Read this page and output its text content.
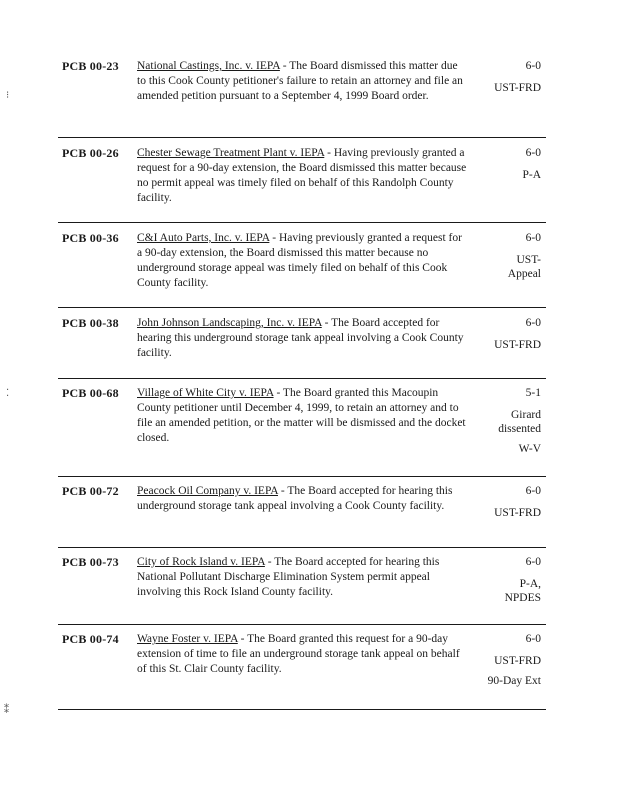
PCB 00-23 National Castings, Inc. v. IEPA - The Board dismissed this matter due to this Cook County petitioner's failure to retain an attorney and file an amended petition pursuant to a September 4, 1999 Board order.
6-0
UST-FRD
PCB 00-26 Chester Sewage Treatment Plant v. IEPA - Having previously granted a request for a 90-day extension, the Board dismissed this matter because no permit appeal was timely filed on behalf of this Randolph County facility.
6-0
P-A
PCB 00-36 C&I Auto Parts, Inc. v. IEPA - Having previously granted a request for a 90-day extension, the Board dismissed this matter because no underground storage appeal was timely filed on behalf of this Cook County facility.
6-0
UST-Appeal
PCB 00-38 John Johnson Landscaping, Inc. v. IEPA - The Board accepted for hearing this underground storage tank appeal involving a Cook County facility.
6-0
UST-FRD
PCB 00-68 Village of White City v. IEPA - The Board granted this Macoupin County petitioner until December 4, 1999, to retain an attorney and to file an amended petition, or the matter will be dismissed and the docket closed.
5-1
Girard dissented
W-V
PCB 00-72 Peacock Oil Company v. IEPA - The Board accepted for hearing this underground storage tank appeal involving a Cook County facility.
6-0
UST-FRD
PCB 00-73 City of Rock Island v. IEPA - The Board accepted for hearing this National Pollutant Discharge Elimination System permit appeal involving this Rock Island County facility.
6-0
P-A, NPDES
PCB 00-74 Wayne Foster v. IEPA - The Board granted this request for a 90-day extension of time to file an underground storage tank appeal on behalf of this St. Clair County facility.
6-0
UST-FRD
90-Day Ext
⁝
⁚
⁑
